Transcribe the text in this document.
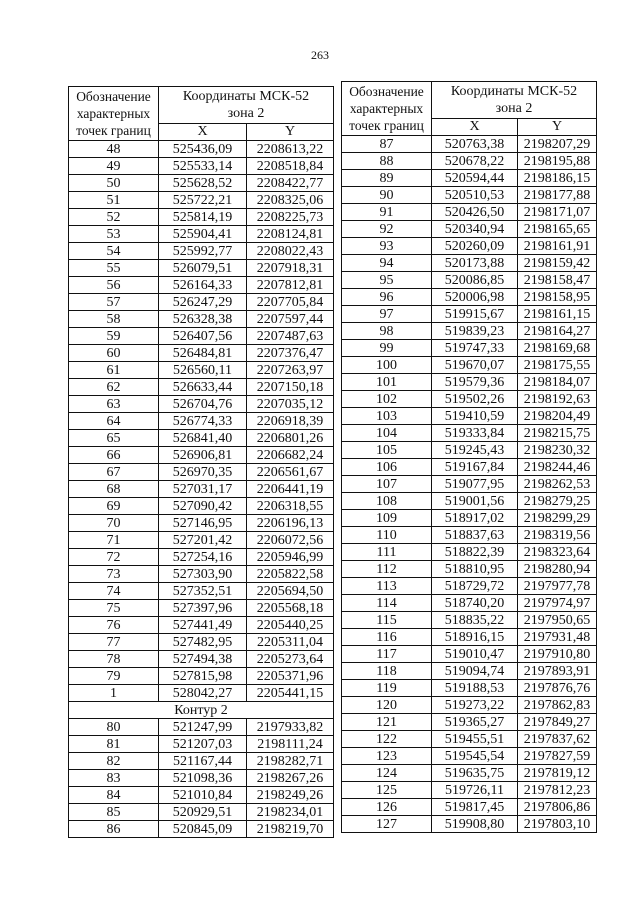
263
Обозначение характерных точек границ	Координаты МСК-52
зона 2	
	X	Y
48	525436,09	2208613,22
49	525533,14	2208518,84
50	525628,52	2208422,77
51	525722,21	2208325,06
52	525814,19	2208225,73
53	525904,41	2208124,81
54	525992,77	2208022,43
55	526079,51	2207918,31
56	526164,33	2207812,81
57	526247,29	2207705,84
58	526328,38	2207597,44
59	526407,56	2207487,63
60	526484,81	2207376,47
61	526560,11	2207263,97
62	526633,44	2207150,18
63	526704,76	2207035,12
64	526774,33	2206918,39
65	526841,40	2206801,26
66	526906,81	2206682,24
67	526970,35	2206561,67
68	527031,17	2206441,19
69	527090,42	2206318,55
70	527146,95	2206196,13
71	527201,42	2206072,56
72	527254,16	2205946,99
73	527303,90	2205822,58
74	527352,51	2205694,50
75	527397,96	2205568,18
76	527441,49	2205440,25
77	527482,95	2205311,04
78	527494,38	2205273,64
79	527815,98	2205371,96
1	528042,27	2205441,15
Контур 2		
80	521247,99	2197933,82
81	521207,03	2198111,24
82	521167,44	2198282,71
83	521098,36	2198267,26
84	521010,84	2198249,26
85	520929,51	2198234,01
86	520845,09	2198219,70
Обозначение характерных точек границ	Координаты МСК-52
зона 2	
	X	Y
87	520763,38	2198207,29
88	520678,22	2198195,88
89	520594,44	2198186,15
90	520510,53	2198177,88
91	520426,50	2198171,07
92	520340,94	2198165,65
93	520260,09	2198161,91
94	520173,88	2198159,42
95	520086,85	2198158,47
96	520006,98	2198158,95
97	519915,67	2198161,15
98	519839,23	2198164,27
99	519747,33	2198169,68
100	519670,07	2198175,55
101	519579,36	2198184,07
102	519502,26	2198192,63
103	519410,59	2198204,49
104	519333,84	2198215,75
105	519245,43	2198230,32
106	519167,84	2198244,46
107	519077,95	2198262,53
108	519001,56	2198279,25
109	518917,02	2198299,29
110	518837,63	2198319,56
111	518822,39	2198323,64
112	518810,95	2198280,94
113	518729,72	2197977,78
114	518740,20	2197974,97
115	518835,22	2197950,65
116	518916,15	2197931,48
117	519010,47	2197910,80
118	519094,74	2197893,91
119	519188,53	2197876,76
120	519273,22	2197862,83
121	519365,27	2197849,27
122	519455,51	2197837,62
123	519545,54	2197827,59
124	519635,75	2197819,12
125	519726,11	2197812,23
126	519817,45	2197806,86
127	519908,80	2197803,10
